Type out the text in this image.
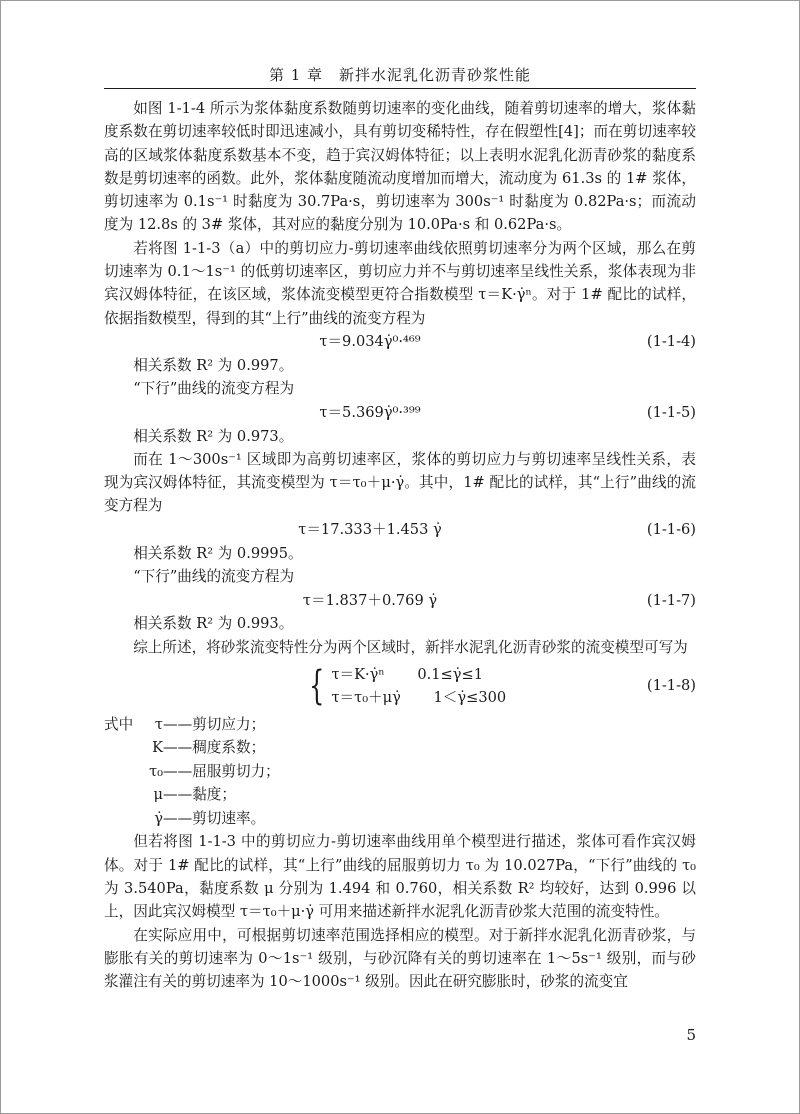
第 1 章　新拌水泥乳化沥青砂浆性能

如图 1-1-4 所示为浆体黏度系数随剪切速率的变化曲线，随着剪切速率的增大，浆体黏度系数在剪切速率较低时即迅速减小，具有剪切变稀特性，存在假塑性[4]；而在剪切速率较高的区域浆体黏度系数基本不变，趋于宾汉姆体特征；以上表明水泥乳化沥青砂浆的黏度系数是剪切速率的函数。此外，浆体黏度随流动度增加而增大，流动度为 61.3s 的 1# 浆体，剪切速率为 0.1s⁻¹ 时黏度为 30.7Pa·s，剪切速率为 300s⁻¹ 时黏度为 0.82Pa·s；而流动度为 12.8s 的 3# 浆体，其对应的黏度分别为 10.0Pa·s 和 0.62Pa·s。

若将图 1-1-3（a）中的剪切应力-剪切速率曲线依照剪切速率分为两个区域，那么在剪切速率为 0.1～1s⁻¹ 的低剪切速率区，剪切应力并不与剪切速率呈线性关系，浆体表现为非宾汉姆体特征，在该区域，浆体流变模型更符合指数模型 τ＝K·γ̇ⁿ。对于 1# 配比的试样，依据指数模型，得到的其“上行”曲线的流变方程为

τ＝9.034γ̇⁰·⁴⁶⁹	(1-1-4)

相关系数 R² 为 0.997。

“下行”曲线的流变方程为

τ＝5.369γ̇⁰·³⁹⁹	(1-1-5)

相关系数 R² 为 0.973。

而在 1～300s⁻¹ 区域即为高剪切速率区，浆体的剪切应力与剪切速率呈线性关系，表现为宾汉姆体特征，其流变模型为 τ＝τ₀＋μ·γ̇。其中，1# 配比的试样，其“上行”曲线的流变方程为

τ＝17.333＋1.453 γ̇	(1-1-6)

相关系数 R² 为 0.9995。

“下行”曲线的流变方程为

τ＝1.837＋0.769 γ̇	(1-1-7)

相关系数 R² 为 0.993。

综上所述，将砂浆流变特性分为两个区域时，新拌水泥乳化沥青砂浆的流变模型可写为

{ τ＝K·γ̇ⁿ 0.1≤γ̇≤1
τ＝τ₀＋μγ̇ 1＜γ̇≤300
(1-1-8)
式中	τ ——剪切应力；
K ——稠度系数；
τ₀ ——屈服剪切力；
μ ——黏度；
γ̇ ——剪切速率。

但若将图 1-1-3 中的剪切应力-剪切速率曲线用单个模型进行描述，浆体可看作宾汉姆体。对于 1# 配比的试样，其“上行”曲线的屈服剪切力 τ₀ 为 10.027Pa，“下行”曲线的 τ₀ 为 3.540Pa，黏度系数 μ 分别为 1.494 和 0.760，相关系数 R² 均较好，达到 0.996 以上，因此宾汉姆模型 τ＝τ₀＋μ·γ̇ 可用来描述新拌水泥乳化沥青砂浆大范围的流变特性。

在实际应用中，可根据剪切速率范围选择相应的模型。对于新拌水泥乳化沥青砂浆，与膨胀有关的剪切速率为 0～1s⁻¹ 级别，与砂沉降有关的剪切速率在 1～5s⁻¹ 级别，而与砂浆灌注有关的剪切速率为 10～1000s⁻¹ 级别。因此在研究膨胀时，砂浆的流变宜

5
